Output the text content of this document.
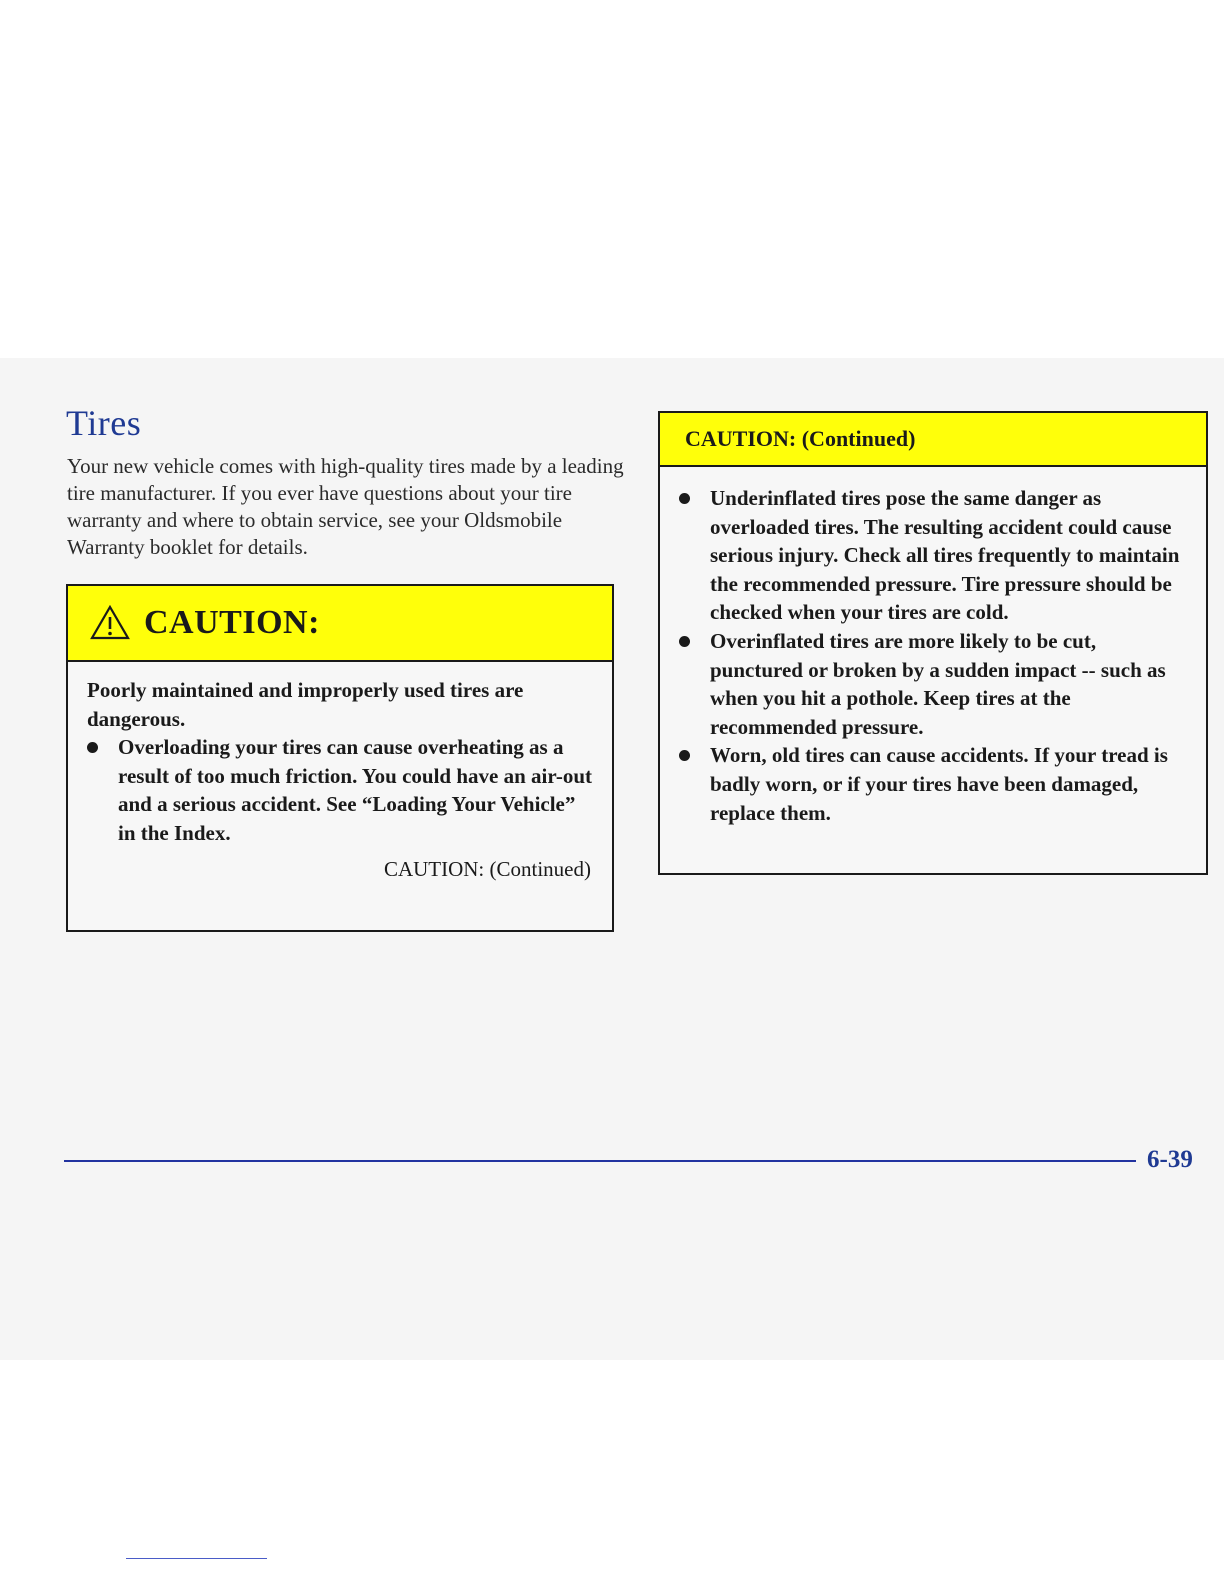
Tires

Your new vehicle comes with high-quality tires made by a leading tire manufacturer. If you ever have questions about your tire warranty and where to obtain service, see your Oldsmobile Warranty booklet for details.

CAUTION:

Poorly maintained and improperly used tires are dangerous.

Overloading your tires can cause overheating as a result of too much friction. You could have an air-out and a serious accident. See “Loading Your Vehicle” in the Index.
CAUTION: (Continued)
CAUTION: (Continued)
Underinflated tires pose the same danger as overloaded tires. The resulting accident could cause serious injury. Check all tires frequently to maintain the recommended pressure. Tire pressure should be checked when your tires are cold.
Overinflated tires are more likely to be cut, punctured or broken by a sudden impact -- such as when you hit a pothole. Keep tires at the recommended pressure.
Worn, old tires can cause accidents. If your tread is badly worn, or if your tires have been damaged, replace them.
6-39
